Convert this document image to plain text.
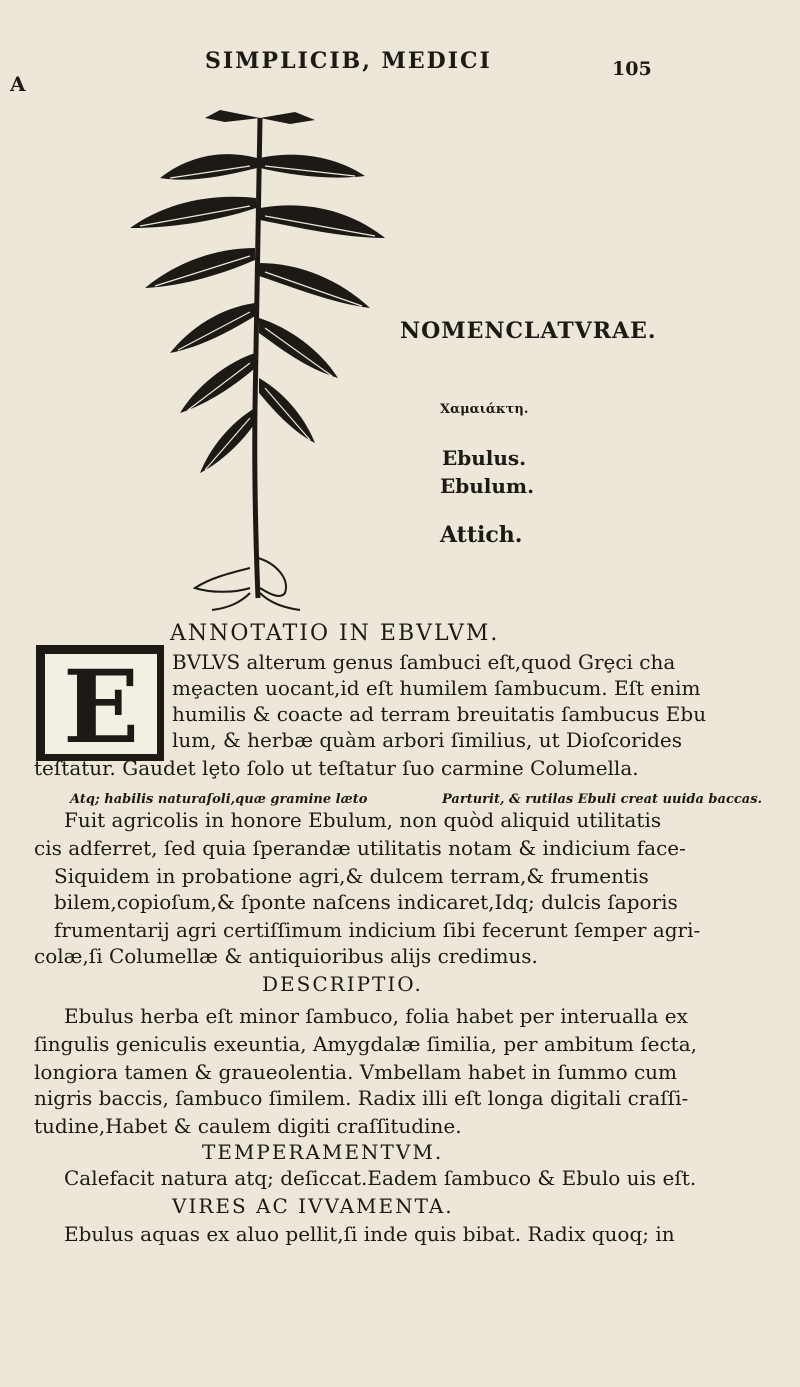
A
SIMPLICIB, MEDICI	105
NOMENCLATVRAE.
Χαμαιάκτη.
Ebulus.
Ebulum.
Attich.
ANNOTATIO IN EBVLVM.
E BVLVS alterum genus ſambuci eſt,quod Grȩci cha
mȩacten uocant,id eſt humilem ſambucum. Eſt enim
humilis & coacte ad terram breuitatis ſambucus Ebu
lum, & herbæ quàm arbori ſimilius, ut Dioſcorides
teſtatur. Gaudet lȩto ſolo ut teſtatur ſuo carmine Columella.
Atq; habilis naturaſoli,quæ gramine læto	Parturit, & rutilas Ebuli creat uuida baccas.
Fuit agricolis in honore Ebulum, non quòd aliquid utilitatis
cis adferret, ſed quia ſperandæ utilitatis notam & indicium face-
Siquidem in probatione agri,& dulcem terram,& frumentis
bilem,copioſum,& ſponte naſcens indicaret,Idq; dulcis ſaporis
frumentarij agri certiſſimum indicium ſibi fecerunt ſemper agri-
colæ,ſi Columellæ & antiquioribus alijs credimus.
DESCRIPTIO.
Ebulus herba eſt minor ſambuco, folia habet per interualla ex
ſingulis geniculis exeuntia, Amygdalæ ſimilia, per ambitum ſecta,
longiora tamen & graueolentia. Vmbellam habet in ſummo cum
nigris baccis, ſambuco ſimilem. Radix illi eſt longa digitali craſſi-
tudine,Habet & caulem digiti craſſitudine.
TEMPERAMENTVM.
Calefacit natura atq; deſiccat.Eadem ſambuco & Ebulo uis eſt.
VIRES AC IVVAMENTA.
Ebulus aquas ex aluo pellit,ſi inde quis bibat. Radix quoq; in
